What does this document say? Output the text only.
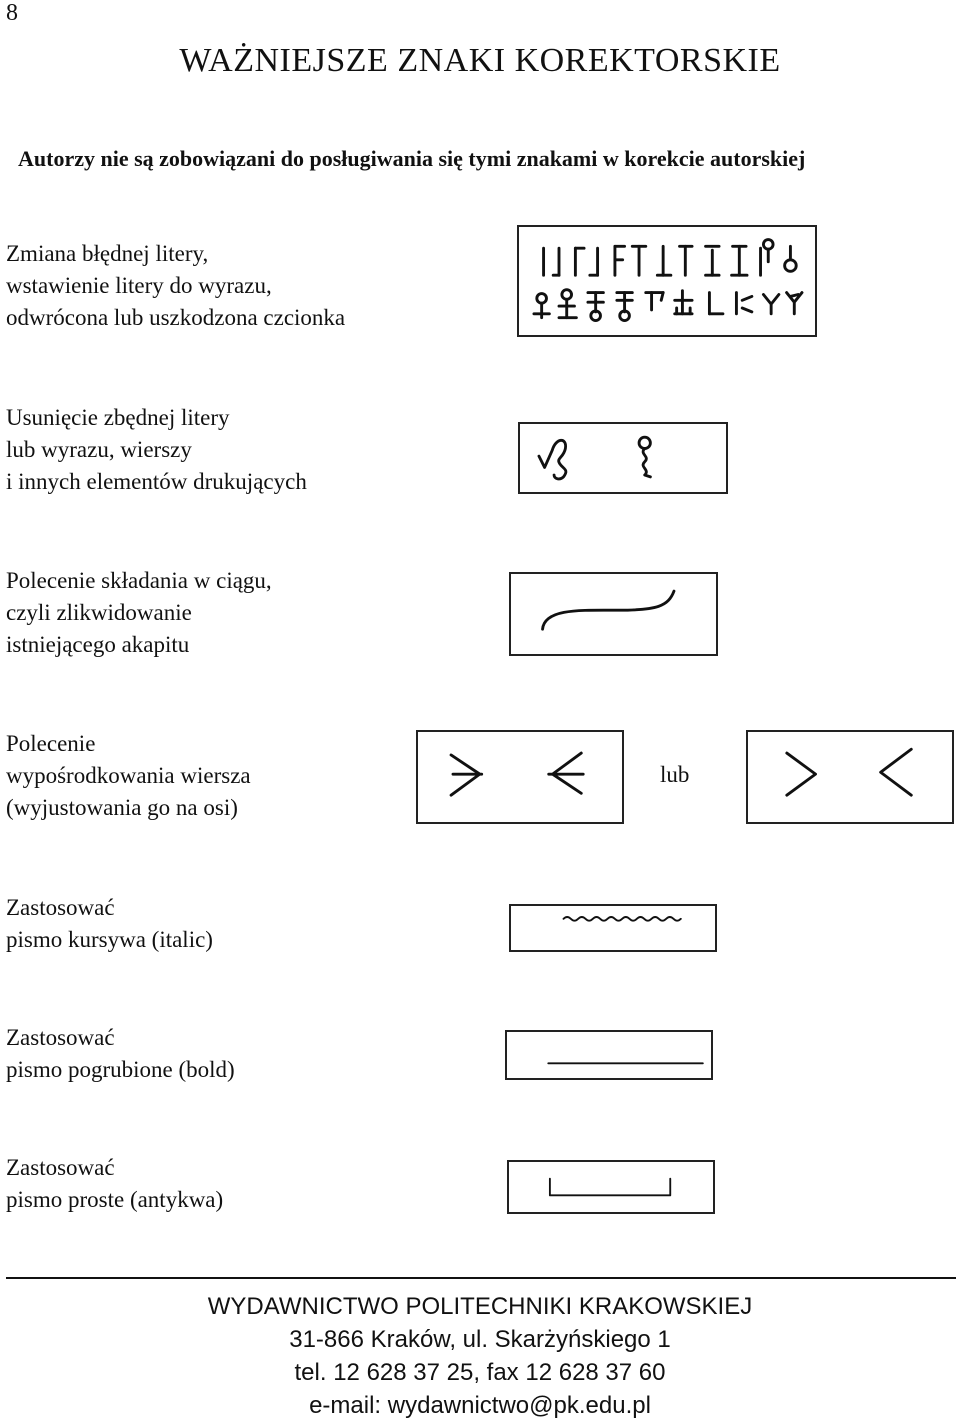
8
WAŻNIEJSZE ZNAKI KOREKTORSKIE
Autorzy nie są zobowiązani do posługiwania się tymi znakami w korekcie autorskiej
Zmiana błędnej litery,
wstawienie litery do wyrazu,
odwrócona lub uszkodzona czcionka
Usunięcie zbędnej litery
lub wyrazu, wierszy
i innych elementów drukujących
Polecenie składania w ciągu,
czyli zlikwidowanie
istniejącego akapitu
Polecenie
wypośrodkowania wiersza
(wyjustowania go na osi)
lub
Zastosować
pismo kursywa (italic)
Zastosować
pismo pogrubione (bold)
Zastosować
pismo proste (antykwa)
WYDAWNICTWO POLITECHNIKI KRAKOWSKIEJ
31-866 Kraków, ul. Skarżyńskiego 1
tel. 12 628 37 25, fax 12 628 37 60
e-mail: wydawnictwo@pk.edu.pl
